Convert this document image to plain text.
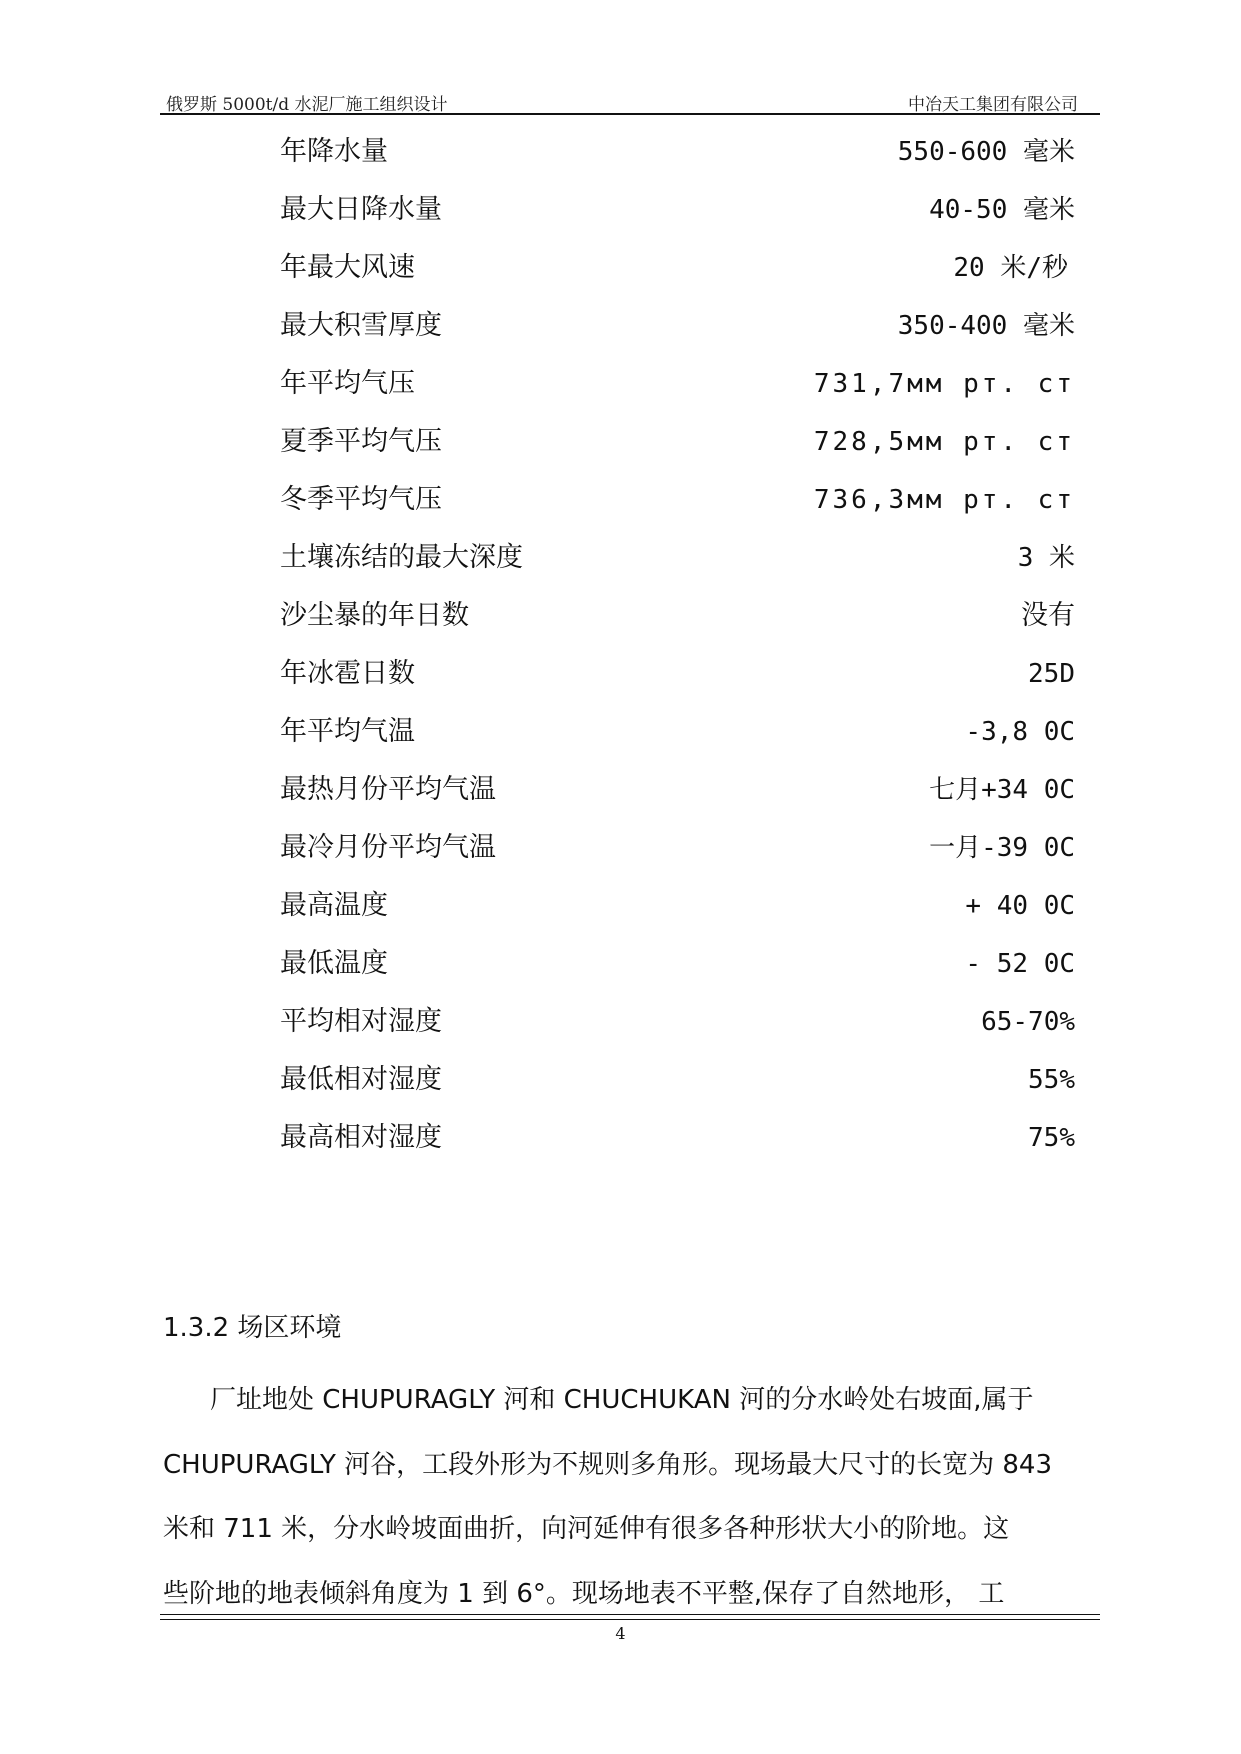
俄罗斯 5000t/d 水泥厂施工组织设计	中冶天工集团有限公司
年降水量	550-600 毫米
最大日降水量	40-50 毫米
年最大风速	20 米/秒
最大积雪厚度	350-400 毫米
年平均气压	731,7мм рт. ст
夏季平均气压	728,5мм рт. ст
冬季平均气压	736,3мм рт. ст
土壤冻结的最大深度	3 米
沙尘暴的年日数	没有
年冰雹日数	25D
年平均气温	-3,8 0C
最热月份平均气温	七月+34 0C
最冷月份平均气温	一月-39 0C
最高温度	+ 40 0C
最低温度	- 52 0C
平均相对湿度	65-70%
最低相对湿度	55%
最高相对湿度	75%
1.3.2 场区环境
厂址地处 CHUPURAGLY 河和 CHUCHUKAN 河的分水岭处右坡面,属于
CHUPURAGLY 河谷，工段外形为不规则多角形。现场最大尺寸的长宽为 843
米和 711 米，分水岭坡面曲折，向河延伸有很多各种形状大小的阶地。这
些阶地的地表倾斜角度为 1 到 6°。现场地表不平整,保存了自然地形， 工
4
